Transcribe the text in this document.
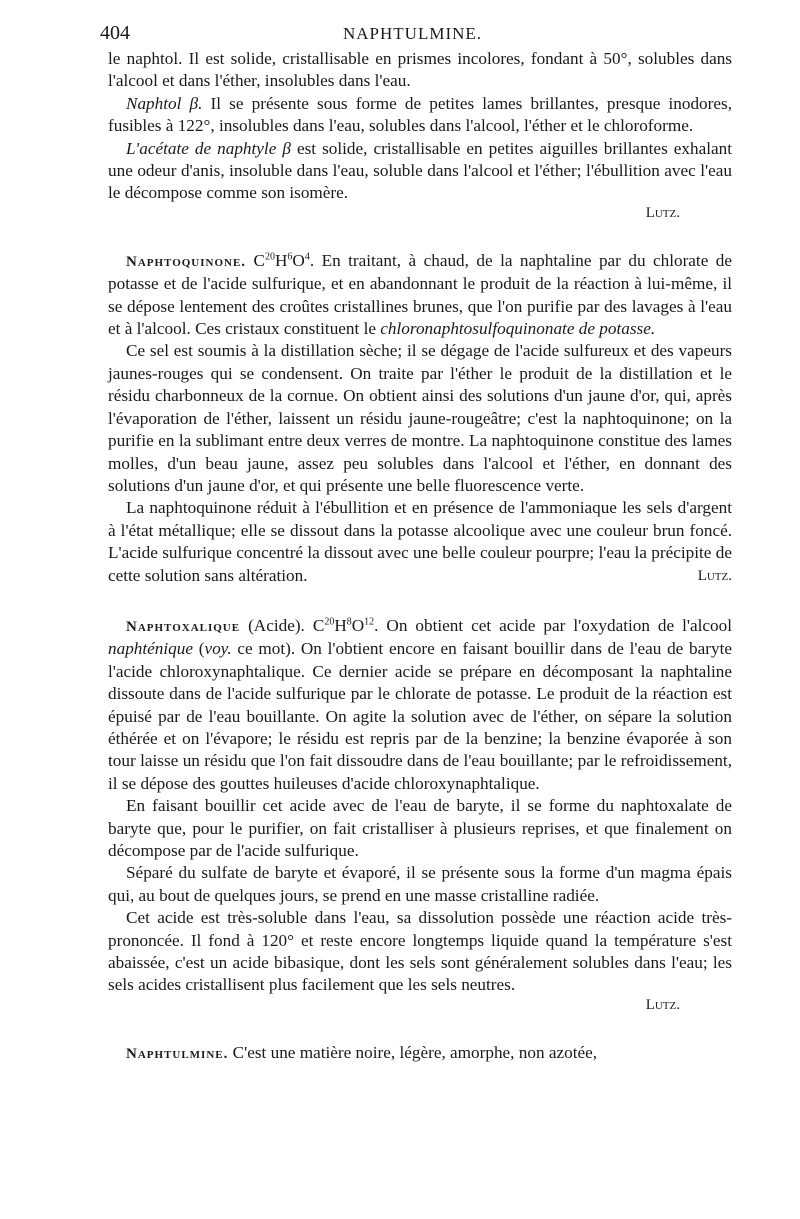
404	NAPHTULMINE.

le naphtol. Il est solide, cristallisable en prismes incolores, fondant à 50°, solubles dans l'alcool et dans l'éther, insolubles dans l'eau.

Naphtol β. Il se présente sous forme de petites lames brillantes, presque inodores, fusibles à 122°, insolubles dans l'eau, solubles dans l'alcool, l'éther et le chloroforme.

L'acétate de naphtyle β est solide, cristallisable en petites aiguilles brillantes exhalant une odeur d'anis, insoluble dans l'eau, soluble dans l'alcool et l'éther; l'ébullition avec l'eau le décompose comme son isomère.

Lutz.

Naphtoquinone. $C^{20}H^6O^4$. En traitant, à chaud, de la naphtaline par du chlorate de potasse et de l'acide sulfurique, et en abandonnant le produit de la réaction à lui-même, il se dépose lentement des croûtes cristallines brunes, que l'on purifie par des lavages à l'eau et à l'alcool. Ces cristaux constituent le chloronaphtosulfoquinonate de potasse.

Ce sel est soumis à la distillation sèche; il se dégage de l'acide sulfureux et des vapeurs jaunes-rouges qui se condensent. On traite par l'éther le produit de la distillation et le résidu charbonneux de la cornue. On obtient ainsi des solutions d'un jaune d'or, qui, après l'évaporation de l'éther, laissent un résidu jaune-rougeâtre; c'est la naphtoquinone; on la purifie en la sublimant entre deux verres de montre. La naphtoquinone constitue des lames molles, d'un beau jaune, assez peu solubles dans l'alcool et l'éther, en donnant des solutions d'un jaune d'or, et qui présente une belle fluorescence verte.

La naphtoquinone réduit à l'ébullition et en présence de l'ammoniaque les sels d'argent à l'état métallique; elle se dissout dans la potasse alcoolique avec une couleur brun foncé. L'acide sulfurique concentré la dissout avec une belle couleur pourpre; l'eau la précipite de cette solution sans altération.	Lutz.

Naphtoxalique (Acide). $C^{20}H^8O^{12}$. On obtient cet acide par l'oxydation de l'alcool naphténique (voy. ce mot). On l'obtient encore en faisant bouillir dans de l'eau de baryte l'acide chloroxynaphtalique. Ce dernier acide se prépare en décomposant la naphtaline dissoute dans de l'acide sulfurique par le chlorate de potasse. Le produit de la réaction est épuisé par de l'eau bouillante. On agite la solution avec de l'éther, on sépare la solution éthérée et on l'évapore; le résidu est repris par de la benzine; la benzine évaporée à son tour laisse un résidu que l'on fait dissoudre dans de l'eau bouillante; par le refroidissement, il se dépose des gouttes huileuses d'acide chloroxynaphtalique.

En faisant bouillir cet acide avec de l'eau de baryte, il se forme du naphtoxalate de baryte que, pour le purifier, on fait cristalliser à plusieurs reprises, et que finalement on décompose par de l'acide sulfurique.

Séparé du sulfate de baryte et évaporé, il se présente sous la forme d'un magma épais qui, au bout de quelques jours, se prend en une masse cristalline radiée.

Cet acide est très-soluble dans l'eau, sa dissolution possède une réaction acide très-prononcée. Il fond à 120° et reste encore longtemps liquide quand la température s'est abaissée, c'est un acide bibasique, dont les sels sont généralement solubles dans l'eau; les sels acides cristallisent plus facilement que les sels neutres.

Lutz.

Naphtulmine. C'est une matière noire, légère, amorphe, non azotée,
